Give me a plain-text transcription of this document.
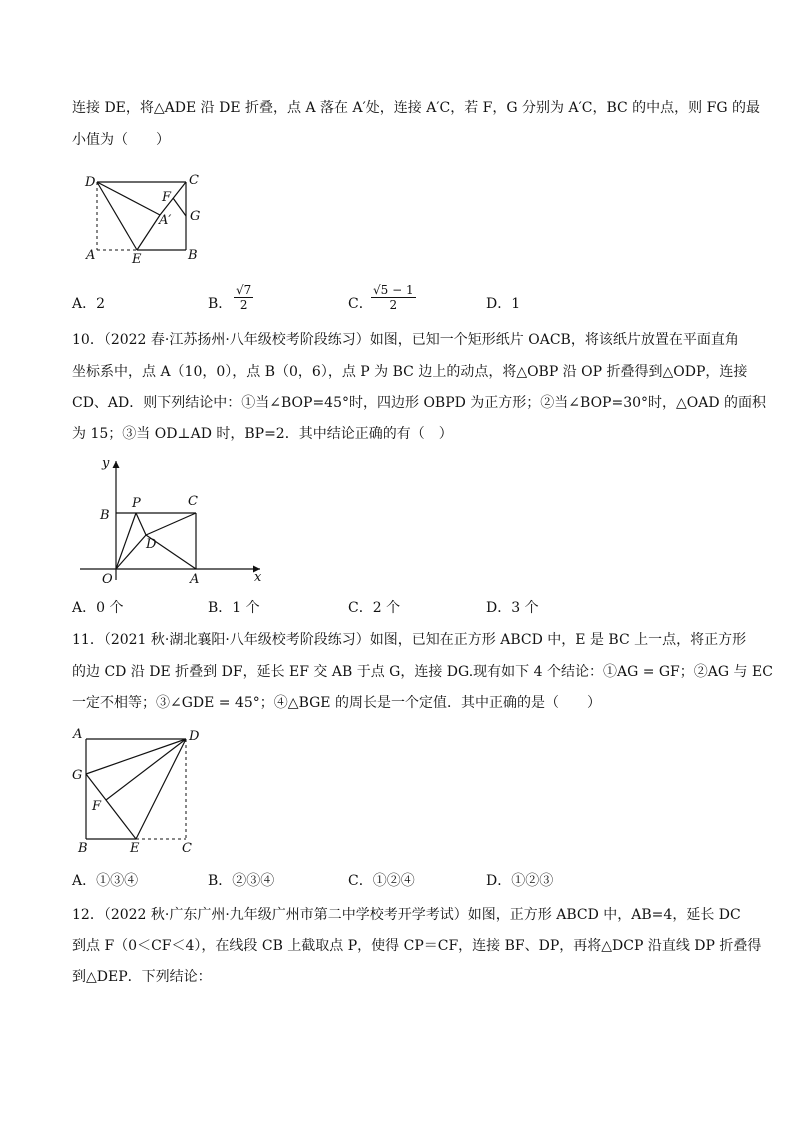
连接 DE，将△ADE 沿 DE 折叠，点 A 落在 A′处，连接 A′C，若 F，G 分别为 A′C，BC 的中点，则 FG 的最
小值为（　　）
D	C
F
A′ G
A	E	B
A．2	B． $\frac{√7}{2}$	C．
$\frac{√5 - 1}{2}$	D．1
10．（2022 春·江苏扬州·八年级校考阶段练习）如图，已知一个矩形纸片 OACB，将该纸片放置在平面直角
坐标系中，点 A（10，0），点 B（0，6），点 P 为 BC 边上的动点，将△OBP 沿 OP 折叠得到△ODP，连接
CD、AD．则下列结论中：①当∠BOP=45°时，四边形 OBPD 为正方形；②当∠BOP=30°时，△OAD 的面积
为 15；③当 OD⊥AD 时，BP=2．其中结论正确的有（　）
y
x
P	C
B
D
O	A
A．0 个	B．1 个	C．2 个	D．3 个
11．（2021 秋·湖北襄阳·八年级校考阶段练习）如图，已知在正方形 ABCD 中，E 是 BC 上一点，将正方形
的边 CD 沿 DE 折叠到 DF，延长 EF 交 AB 于点 G，连接 DG.现有如下 4 个结论：①AG = GF；②AG 与 EC
一定不相等；③∠GDE = 45°；④△BGE 的周长是一个定值．其中正确的是（　　）
A	D
G
F
B	E	C
A．①③④	B．②③④	C．①②④	D．①②③
12．（2022 秋·广东广州·九年级广州市第二中学校考开学考试）如图，正方形 ABCD 中，AB=4，延长 DC
到点 F（0＜CF＜4），在线段 CB 上截取点 P，使得 CP＝CF，连接 BF、DP，再将△DCP 沿直线 DP 折叠得
到△DEP．下列结论：
